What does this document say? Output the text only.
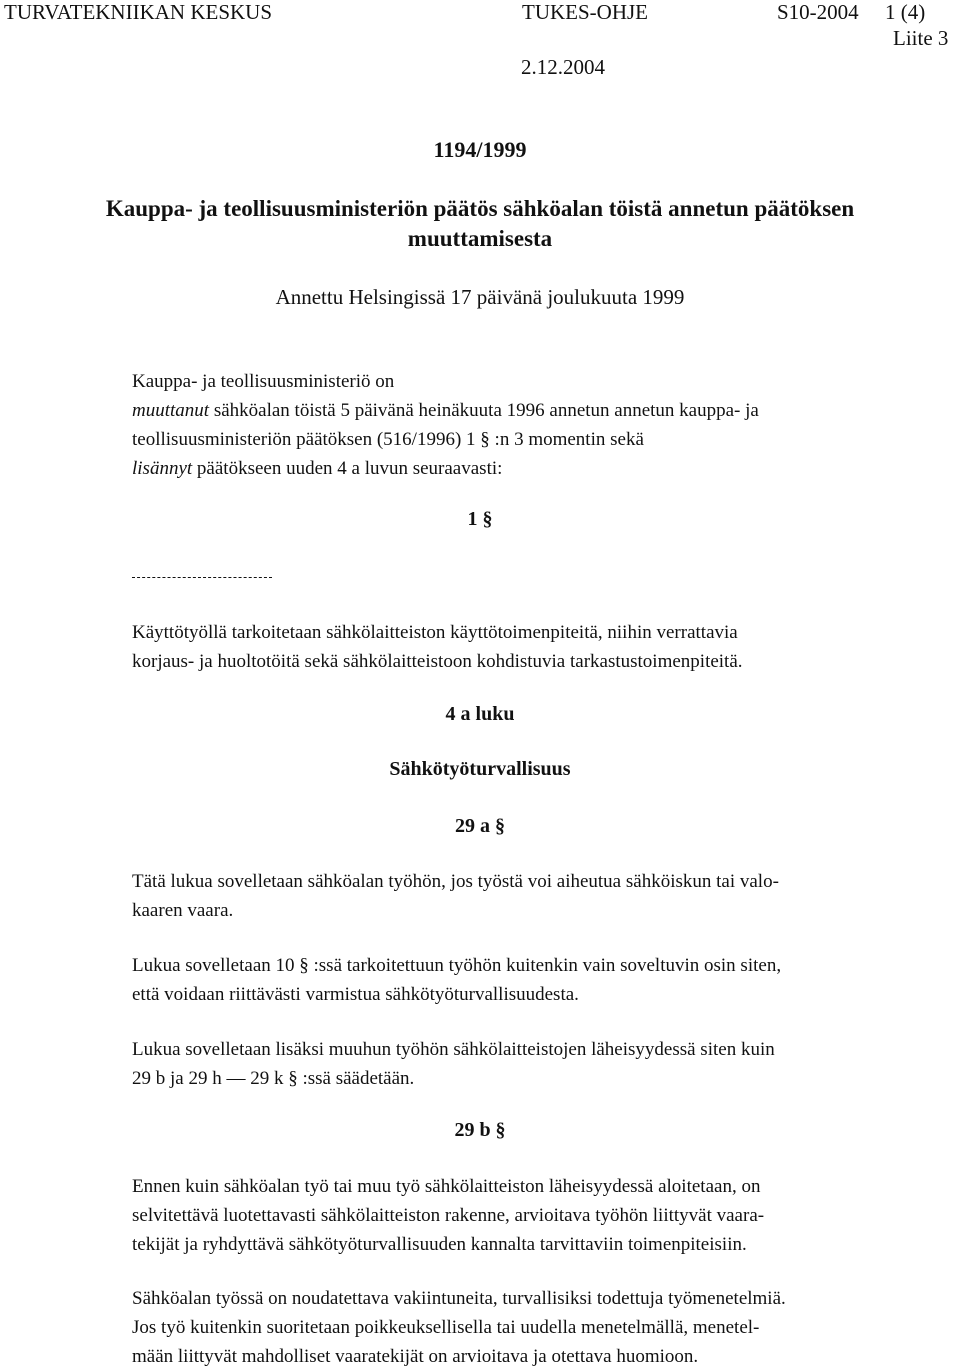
TURVATEKNIIKAN KESKUS	TUKES-OHJE	S10-2004 1 (4)
Liite 3
2.12.2004
1194/1999
Kauppa- ja teollisuusministeriön päätös sähköalan töistä annetun päätöksen
muuttamisesta
Annettu Helsingissä 17 päivänä joulukuuta 1999
Kauppa- ja teollisuusministeriö on
muuttanut sähköalan töistä 5 päivänä heinäkuuta 1996 annetun annetun kauppa- ja
teollisuusministeriön päätöksen (516/1996) 1 § :n 3 momentin sekä
lisännyt päätökseen uuden 4 a luvun seuraavasti:
1 §
Käyttötyöllä tarkoitetaan sähkölaitteiston käyttötoimenpiteitä, niihin verrattavia
korjaus- ja huoltotöitä sekä sähkölaitteistoon kohdistuvia tarkastustoimenpiteitä.
4 a luku
Sähkötyöturvallisuus
29 a §
Tätä lukua sovelletaan sähköalan työhön, jos työstä voi aiheutua sähköiskun tai valo-
kaaren vaara.
Lukua sovelletaan 10 § :ssä tarkoitettuun työhön kuitenkin vain soveltuvin osin siten,
että voidaan riittävästi varmistua sähkötyöturvallisuudesta.
Lukua sovelletaan lisäksi muuhun työhön sähkölaitteistojen läheisyydessä siten kuin
29 b ja 29 h — 29 k § :ssä säädetään.
29 b §
Ennen kuin sähköalan työ tai muu työ sähkölaitteiston läheisyydessä aloitetaan, on
selvitettävä luotettavasti sähkölaitteiston rakenne, arvioitava työhön liittyvät vaara-
tekijät ja ryhdyttävä sähkötyöturvallisuuden kannalta tarvittaviin toimenpiteisiin.
Sähköalan työssä on noudatettava vakiintuneita, turvallisiksi todettuja työmenetelmiä.
Jos työ kuitenkin suoritetaan poikkeuksellisella tai uudella menetelmällä, menetel-
mään liittyvät mahdolliset vaaratekijät on arvioitava ja otettava huomioon.
